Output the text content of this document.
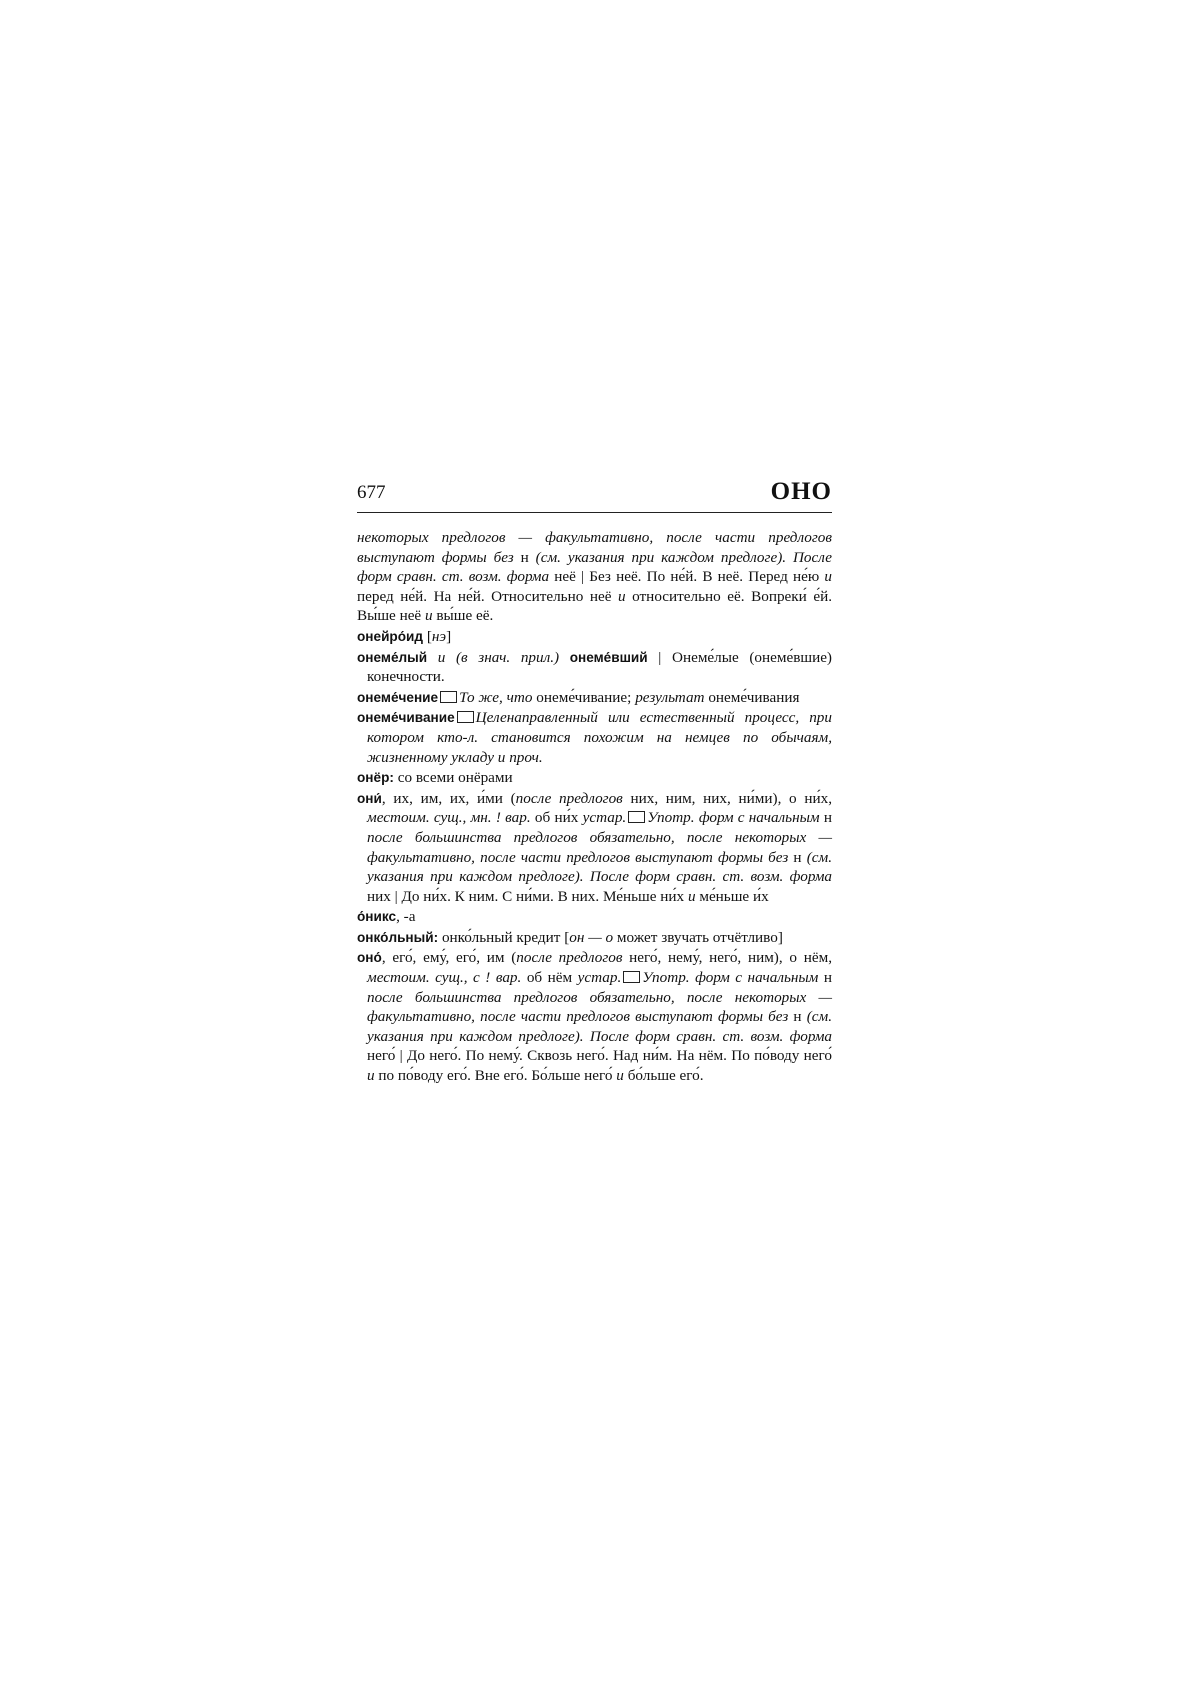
677	ОНО

некоторых предлогов — факультативно, после части предлогов выступают формы без н (см. указания при каждом предлоге). После форм сравн. ст. возм. форма неё | Без неё. По не́й. В неё. Перед не́ю и перед не́й. На не́й. Относительно неё и относительно её. Вопреки́ е́й. Вы́ше неё и вы́ше её.

онейро́ид [нэ]

онеме́лый и (в знач. прил.) онеме́вший | Онеме́лые (онеме́вшие) конечности.

онеме́чение То же, что онеме́чивание; результат онеме́чивания

онеме́чивание Целенаправленный или естественный процесс, при котором кто-л. становится похожим на немцев по обычаям, жизненному укладу и проч.

онёр: со всеми онёрами

они́, их, им, их, и́ми (после предлогов них, ним, них, ни́ми), о ни́х, местоим. сущ., мн. ! вар. об ни́х устар. Употр. форм с начальным н после большинства предлогов обязательно, после некоторых — факультативно, после части предлогов выступают формы без н (см. указания при каждом предлоге). После форм сравн. ст. возм. форма них | До ни́х. К ним. С ни́ми. В них. Ме́ньше ни́х и ме́ньше и́х

о́никс, -а

онко́льный: онко́льный кредит [он — о может звучать отчётливо]

оно́, его́, ему́, его́, им (после предлогов него́, нему́, него́, ним), о нём, местоим. сущ., с ! вар. об нём устар. Употр. форм с начальным н после большинства предлогов обязательно, после некоторых — факультативно, после части предлогов выступают формы без н (см. указания при каждом предлоге). После форм сравн. ст. возм. форма него́ | До него́. По нему́. Сквозь него́. Над ни́м. На нём. По по́воду него́ и по по́воду его́. Вне его́. Бо́льше него́ и бо́льше его́.
